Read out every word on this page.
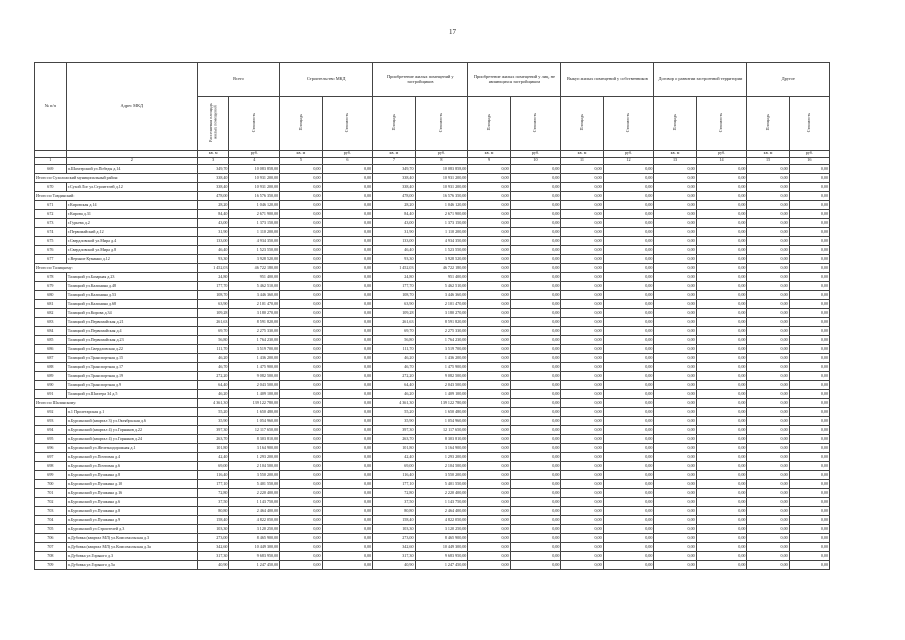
17
№ п/п	Адрес МКД	Всего		Строительство МКД		Приобретение жилых помещений у застройщиков		Приобретение жилых помещений у лиц, не являющихся застройщиком		Выкуп жилых помещений у собственников		Договор о развитии застроенной территории		Другое	
		Расселяемая площадь жилых помещений	Стоимость	Площадь	Стоимость	Площадь	Стоимость	Площадь	Стоимость	Площадь	Стоимость	Площадь	Стоимость	Площадь	Стоимость
		кв. м	руб.	кв. м	руб.	кв. м	руб.	кв. м	руб.	кв. м	руб.	кв. м	руб.	кв. м	руб.
1	2	3	4	5	6	7	8	9	10	11	12	13	14	15	16
669	п.Шахтерский ул.Победы д.14	349,70	10 083 858,00	0,00	0,00	349,70	10 083 858,00	0,00	0,00	0,00	0,00	0,00	0,00	0,00	0,00
Итого по Сухоложский муниципальный район:		338,40	10 931 200,00	0,00	0,00	338,40	10 931 200,00	0,00	0,00	0,00	0,00	0,00	0,00	0,00	0,00
670	г.Сухой Лог ул.Строителей д.12	338,40	10 931 200,00	0,00	0,00	338,40	10 931 200,00	0,00	0,00	0,00	0,00	0,00	0,00	0,00	0,00
Итого по Тавдинский:		478,00	16 576 350,00	0,00	0,00	478,00	16 576 350,00	0,00	0,00	0,00	0,00	0,00	0,00	0,00	0,00
671	г.Кировская д.14	28,20	1 046 120,00	0,00	0,00	28,20	1 046 120,00	0,00	0,00	0,00	0,00	0,00	0,00	0,00	0,00
672	г.Кирова д.31	84,40	2 671 900,00	0,00	0,00	84,40	2 671 900,00	0,00	0,00	0,00	0,00	0,00	0,00	0,00	0,00
673	г.Гурьева д.2	43,00	1 373 150,00	0,00	0,00	43,00	1 373 150,00	0,00	0,00	0,00	0,00	0,00	0,00	0,00	0,00
674	г.Первомайский д.12	31,90	1 110 200,00	0,00	0,00	31,90	1 110 200,00	0,00	0,00	0,00	0,00	0,00	0,00	0,00	0,00
675	г.Свердловской ул.Мира д.4	133,00	4 934 350,00	0,00	0,00	133,00	4 934 350,00	0,00	0,00	0,00	0,00	0,00	0,00	0,00	0,00
676	г.Свердловской ул.Мира д.8	46,40	1 523 550,00	0,00	0,00	46,40	1 523 550,00	0,00	0,00	0,00	0,00	0,00	0,00	0,00	0,00
677	с.Верхние Куманки д.12	93,30	3 928 520,00	0,00	0,00	93,30	3 928 520,00	0,00	0,00	0,00	0,00	0,00	0,00	0,00	0,00
Итого по Талицкому:		1 452,03	46 722 180,00	0,00	0,00	1 452,03	46 722 180,00	0,00	0,00	0,00	0,00	0,00	0,00	0,00	0,00
678	Талицкий ул.Базарная д.23	24,80	951 400,00	0,00	0,00	24,80	951 400,00	0,00	0,00	0,00	0,00	0,00	0,00	0,00	0,00
679	Талицкий ул.Калинина д.48	177,70	5 462 510,00	0,00	0,00	177,70	5 462 510,00	0,00	0,00	0,00	0,00	0,00	0,00	0,00	0,00
680	Талицкий ул.Калинина д.53	108,70	3 446 360,00	0,00	0,00	108,70	3 446 360,00	0,00	0,00	0,00	0,00	0,00	0,00	0,00	0,00
681	Талицкий ул.Калинина д.68	63,90	2 101 470,00	0,00	0,00	63,90	2 101 470,00	0,00	0,00	0,00	0,00	0,00	0,00	0,00	0,00
682	Талицкий ул.Кирова д.34	109,28	3 180 270,00	0,00	0,00	109,28	3 180 270,00	0,00	0,00	0,00	0,00	0,00	0,00	0,00	0,00
683	Талицкий ул.Первомайская д.21	261,63	8 591 820,00	0,00	0,00	261,63	8 591 820,00	0,00	0,00	0,00	0,00	0,00	0,00	0,00	0,00
684	Талицкий ул.Первомайская д.4	69,70	2 275 330,00	0,00	0,00	69,70	2 275 330,00	0,00	0,00	0,00	0,00	0,00	0,00	0,00	0,00
685	Талицкий ул.Первомайская д.23	56,80	1 764 230,00	0,00	0,00	56,80	1 764 230,00	0,00	0,00	0,00	0,00	0,00	0,00	0,00	0,00
686	Талицкий ул.Свердловская д.22	111,70	3 519 700,00	0,00	0,00	111,70	3 519 700,00	0,00	0,00	0,00	0,00	0,00	0,00	0,00	0,00
687	Талицкий ул.Транспортная д.15	46,20	1 436 200,00	0,00	0,00	46,20	1 436 200,00	0,00	0,00	0,00	0,00	0,00	0,00	0,00	0,00
688	Талицкий ул.Транспортная д.17	46,70	1 475 900,00	0,00	0,00	46,70	1 475 900,00	0,00	0,00	0,00	0,00	0,00	0,00	0,00	0,00
689	Талицкий ул.Транспортная д.19	272,20	9 082 500,00	0,00	0,00	272,20	9 082 500,00	0,00	0,00	0,00	0,00	0,00	0,00	0,00	0,00
690	Талицкий ул.Транспортная д.9	64,40	2 043 500,00	0,00	0,00	64,40	2 043 500,00	0,00	0,00	0,00	0,00	0,00	0,00	0,00	0,00
691	Талицкий ул.Шахтера 34 д.5	46,20	1 409 100,00	0,00	0,00	46,20	1 409 100,00	0,00	0,00	0,00	0,00	0,00	0,00	0,00	0,00
Итого по Шалинскому:		4 361,30	139 122 780,00	0,00	0,00	4 361,30	139 122 780,00	0,00	0,00	0,00	0,00	0,00	0,00	0,00	0,00
692	п.1 Пролетарская д.1	55,20	1 650 480,00	0,00	0,00	55,20	1 650 480,00	0,00	0,00	0,00	0,00	0,00	0,00	0,00	0,00
693	п.Бурсинский (квартал 3) ул.Октябрьская д.6	35,90	1 054 960,00	0,00	0,00	35,90	1 054 960,00	0,00	0,00	0,00	0,00	0,00	0,00	0,00	0,00
694	п.Бурсинский (квартал 4) ул.Горняков д.22	397,30	12 117 650,00	0,00	0,00	397,30	12 117 650,00	0,00	0,00	0,00	0,00	0,00	0,00	0,00	0,00
695	п.Бурсинский (квартал 4) ул.Горняков д.24	263,70	8 303 810,00	0,00	0,00	263,70	8 303 810,00	0,00	0,00	0,00	0,00	0,00	0,00	0,00	0,00
696	п.Бурсинский ул.Железнодорожная д.1	101,80	3 164 900,00	0,00	0,00	101,80	3 164 900,00	0,00	0,00	0,00	0,00	0,00	0,00	0,00	0,00
697	п.Бурсинский ул.Почтовая д.4	42,40	1 293 200,00	0,00	0,00	42,40	1 293 200,00	0,00	0,00	0,00	0,00	0,00	0,00	0,00	0,00
698	п.Бурсинский ул.Почтовая д.6	69,00	2 104 500,00	0,00	0,00	69,00	2 104 500,00	0,00	0,00	0,00	0,00	0,00	0,00	0,00	0,00
699	п.Бурсинский ул.Пушкина д.8	116,40	3 550 200,00	0,00	0,00	116,40	3 550 200,00	0,00	0,00	0,00	0,00	0,00	0,00	0,00	0,00
700	п.Бурсинский ул.Пушкина д.10	177,10	5 401 550,00	0,00	0,00	177,10	5 401 550,00	0,00	0,00	0,00	0,00	0,00	0,00	0,00	0,00
701	п.Бурсинский ул.Пушкина д.16	72,80	2 220 400,00	0,00	0,00	72,80	2 220 400,00	0,00	0,00	0,00	0,00	0,00	0,00	0,00	0,00
702	п.Бурсинский ул.Пушкина д.6	37,50	1 143 750,00	0,00	0,00	37,50	1 143 750,00	0,00	0,00	0,00	0,00	0,00	0,00	0,00	0,00
703	п.Бурсинский ул.Пушкина д.8	80,80	2 464 400,00	0,00	0,00	80,80	2 464 400,00	0,00	0,00	0,00	0,00	0,00	0,00	0,00	0,00
704	п.Бурсинский ул.Пушкина д.9	158,40	4 822 050,00	0,00	0,00	158,40	4 822 050,00	0,00	0,00	0,00	0,00	0,00	0,00	0,00	0,00
705	п.Бурсинский ул.Строителей д.3	103,30	3 120 250,00	0,00	0,00	103,30	3 120 250,00	0,00	0,00	0,00	0,00	0,00	0,00	0,00	0,00
706	п.Дубовка (квартал МЛ) ул.Комсомольская д.3	273,00	8 465 900,00	0,00	0,00	273,00	8 465 900,00	0,00	0,00	0,00	0,00	0,00	0,00	0,00	0,00
707	п.Дубовка (квартал МЛ) ул.Комсомольская д.3а	342,60	10 449 300,00	0,00	0,00	342,60	10 449 300,00	0,00	0,00	0,00	0,00	0,00	0,00	0,00	0,00
708	п.Дубовка ул.Горького д.3	317,30	9 683 950,00	0,00	0,00	317,30	9 683 950,00	0,00	0,00	0,00	0,00	0,00	0,00	0,00	0,00
709	п.Дубовка ул.Горького д.5а	40,90	1 247 450,00	0,00	0,00	40,90	1 247 450,00	0,00	0,00	0,00	0,00	0,00	0,00	0,00	0,00
